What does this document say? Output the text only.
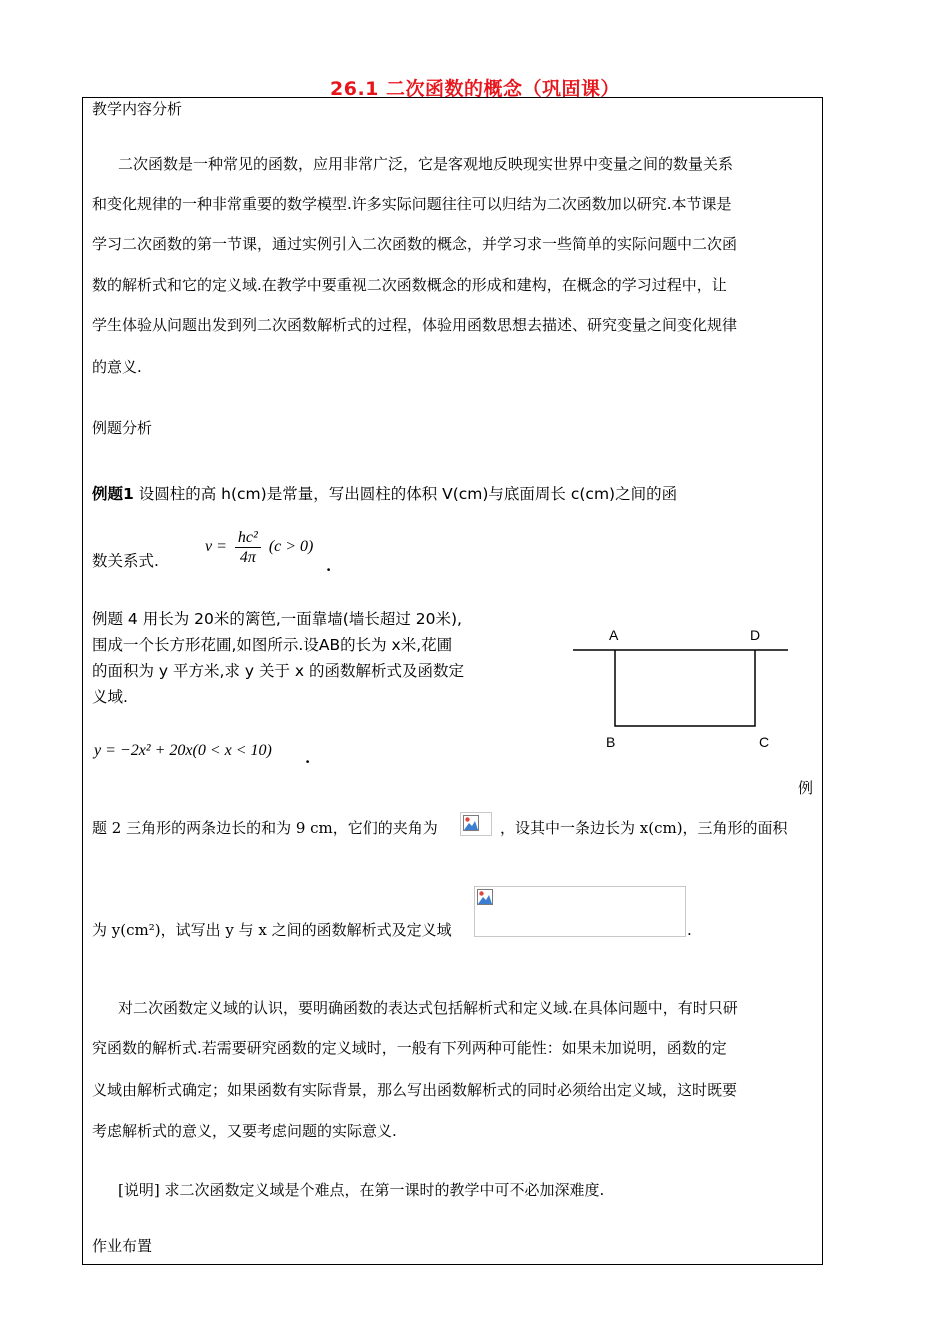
26.1 二次函数的概念（巩固课）
教学内容分析
二次函数是一种常见的函数，应用非常广泛，它是客观地反映现实世界中变量之间的数量关系
和变化规律的一种非常重要的数学模型.许多实际问题往往可以归结为二次函数加以研究.本节课是
学习二次函数的第一节课，通过实例引入二次函数的概念，并学习求一些简单的实际问题中二次函
数的解析式和它的定义域.在教学中要重视二次函数概念的形成和建构，在概念的学习过程中，让
学生体验从问题出发到列二次函数解析式的过程，体验用函数思想去描述、研究变量之间变化规律
的意义.
例题分析
例题1 设圆柱的高 h(cm)是常量，写出圆柱的体积 V(cm)与底面周长 c(cm)之间的函
数关系式.
$v = \frac{\text{hc²}}{4\pi} (c > 0)$
.
例题 4 用长为 20米的篱笆,一面靠墙(墙长超过 20米),
围成一个长方形花圃,如图所示.设AB的长为 x米,花圃
的面积为 y 平方米,求 y 关于 x 的函数解析式及函数定
义域.
A	D
B	C
y = −2x² + 20x(0 < x < 10) .
例
题 2 三角形的两条边长的和为 9 cm，它们的夹角为	，设其中一条边长为 x(cm)，三角形的面积
为 y(cm²)，试写出 y 与 x 之间的函数解析式及定义域	.
对二次函数定义域的认识，要明确函数的表达式包括解析式和定义域.在具体问题中，有时只研
究函数的解析式.若需要研究函数的定义域时，一般有下列两种可能性：如果未加说明，函数的定
义域由解析式确定；如果函数有实际背景，那么写出函数解析式的同时必须给出定义域，这时既要
考虑解析式的意义，又要考虑问题的实际意义.
[说明] 求二次函数定义域是个难点，在第一课时的教学中可不必加深难度.
作业布置
